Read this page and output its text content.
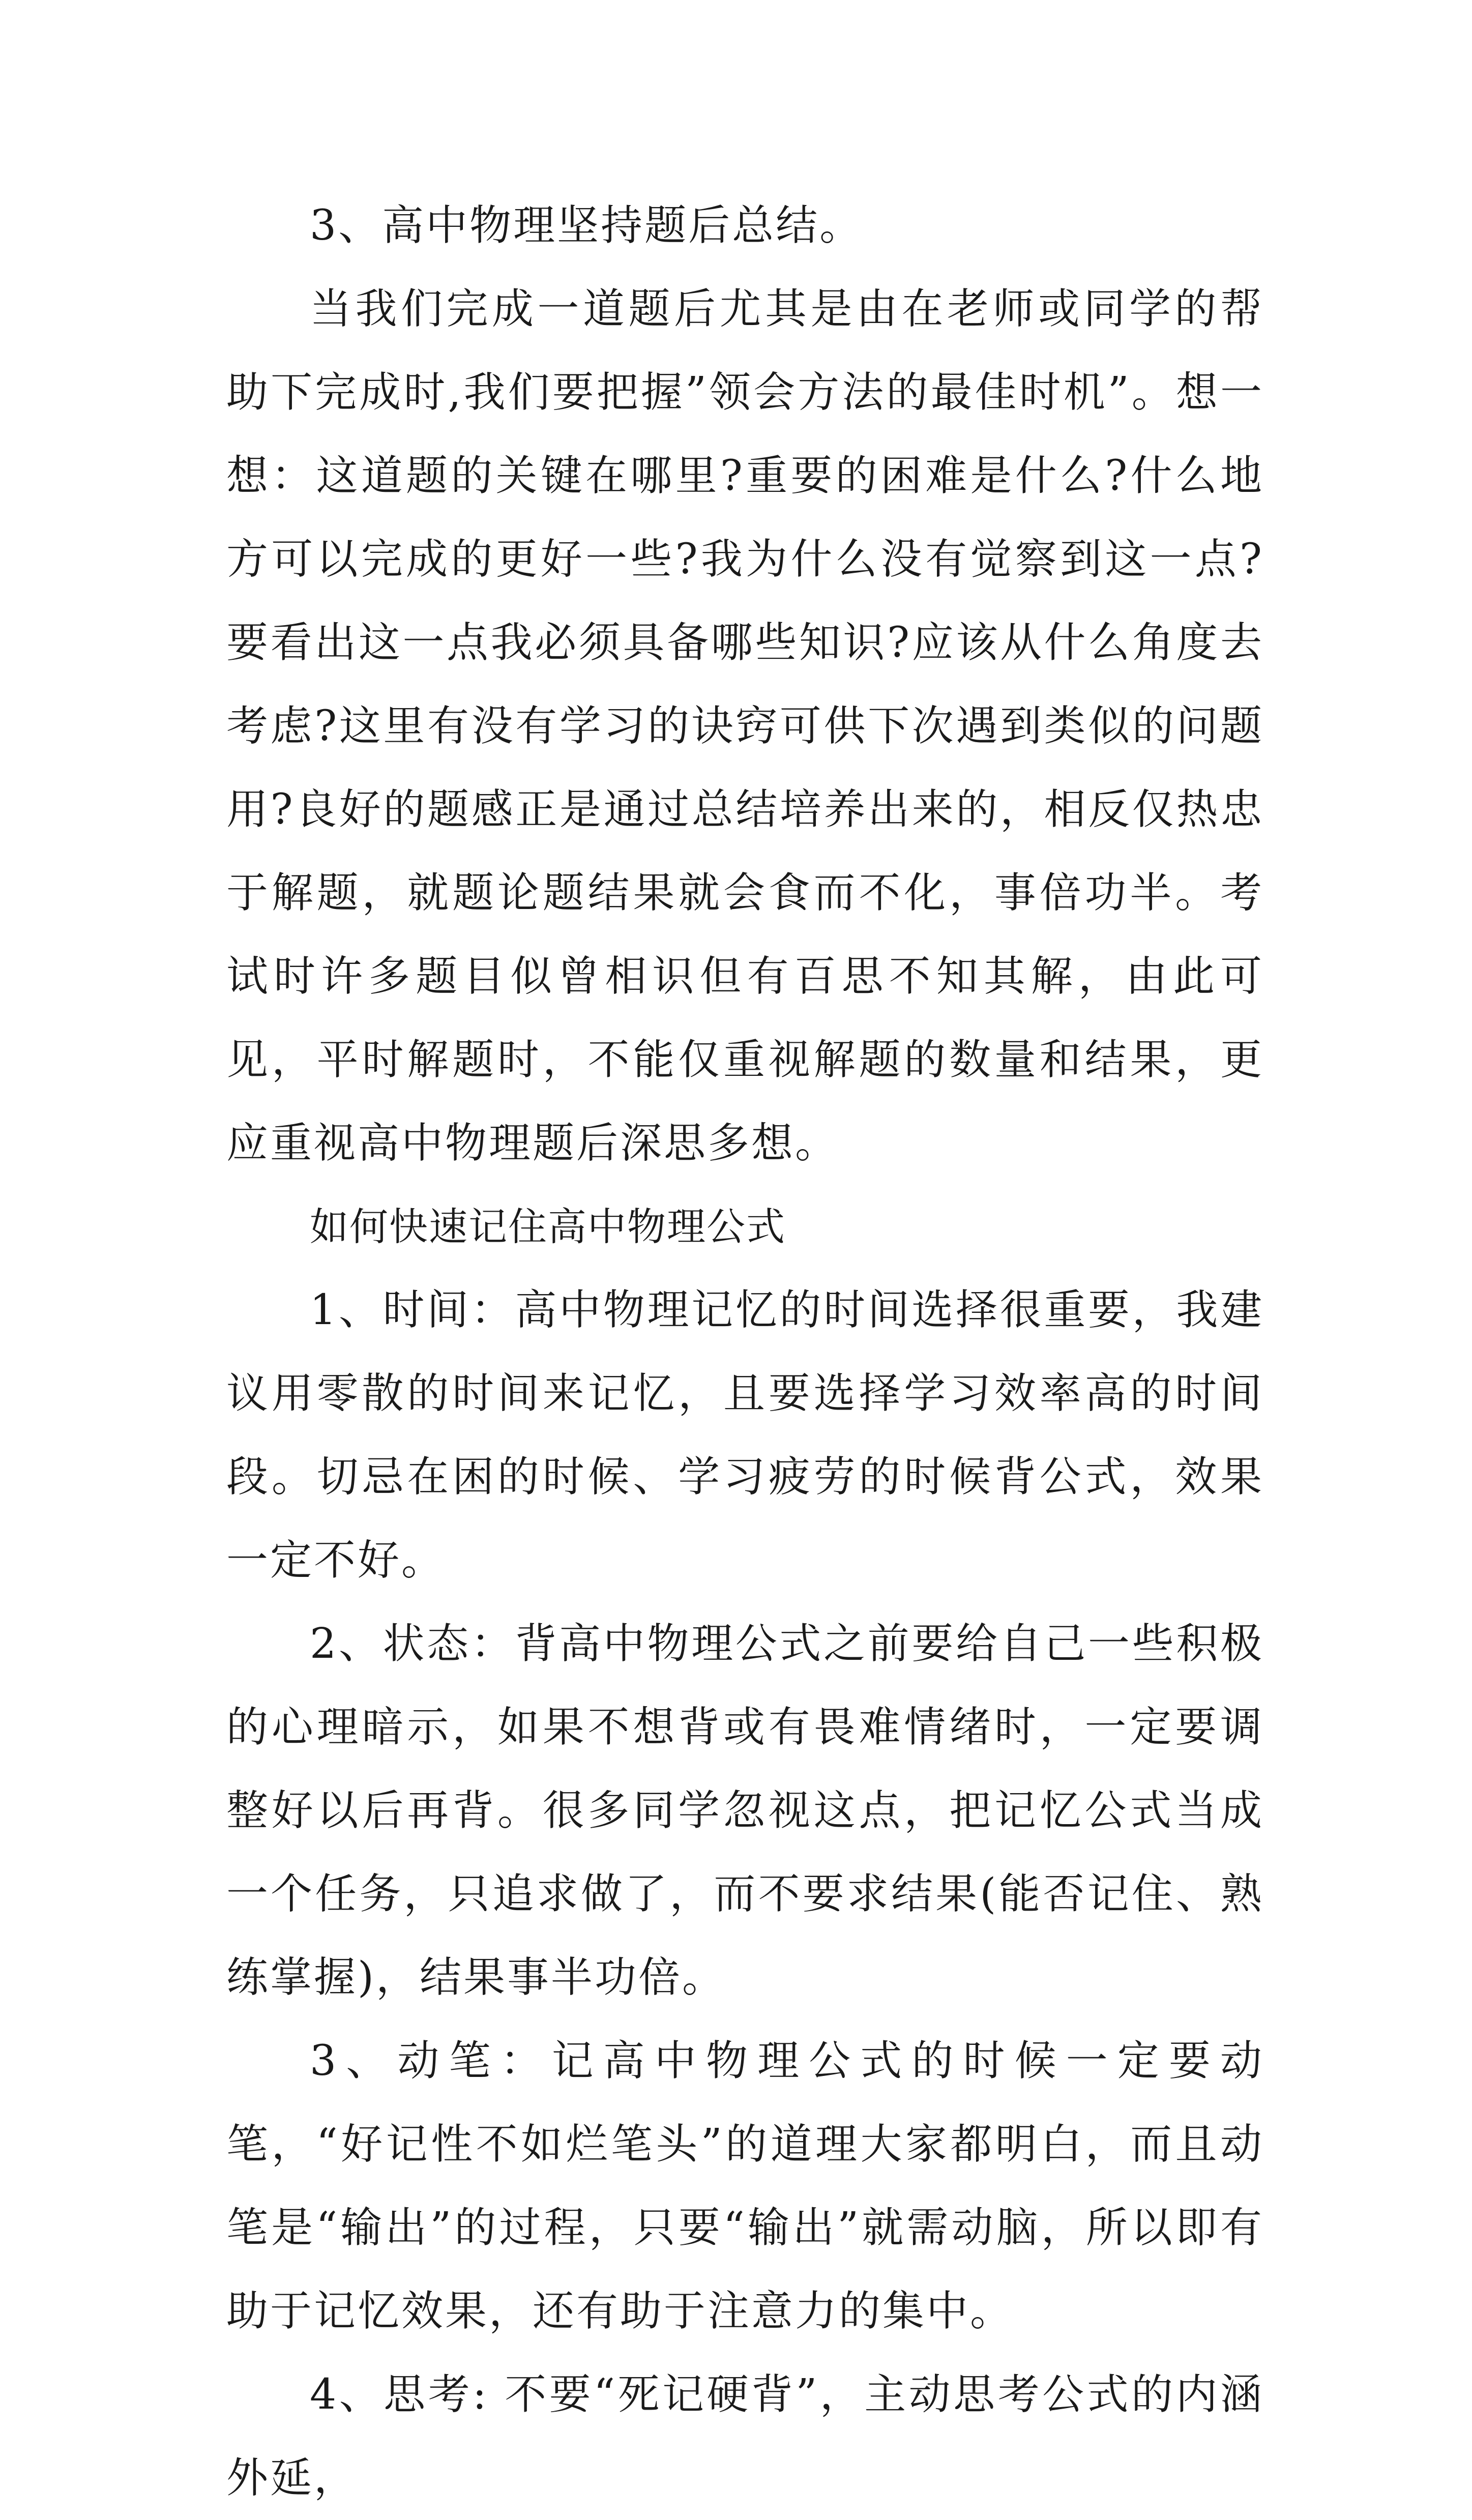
3、高中物理坚持题后总结。

当我们完成一道题后尤其是由在老师或同学的帮助下完成时,我们要把握”领会方法的最佳时机”。想一想：这道题的关键在哪里?重要的困难是什么?什么地方可以完成的更好一些?我为什么没有觉察到这一点?要看出这一点我必须具备哪些知识?应该从什么角度去考虑?这里有没有学习的诀窍可供下次遇到类似的问题用?良好的题感正是通过总结培养出来的，相反仅热忠于解题，就题论题结果就会食而不化，事倍功半。考试时许多题目似曾相识但有百思不知其解，由此可见，平时解题时，不能仅重视解题的数量和结果，更应重视高中物理题后深思多想。

如何快速记住高中物理公式

1、时间：高中物理记忆的时间选择很重要，我建议用零散的时间来记忆，且要选择学习效率高的时间段。切忌在困的时候、学习疲劳的时候背公式，效果一定不好。

2、状态：背高中物理公式之前要给自己一些积极的心理暗示，如果不想背或有畏难情绪时，一定要调整好以后再背。很多同学忽视这点，把记忆公式当成一个任务，只追求做了，而不要求结果(能否记住、熟练掌握)，结果事半功倍。

3、动笔：记高中物理公式的时候一定要动笔，“好记性不如烂笔头”的道理大家都明白，而且动笔是“输出”的过程，只要“输出”就需动脑，所以即有助于记忆效果，还有助于注意力的集中。

4、思考: 不要“死记硬背”，主动思考公式的内涵外延，
